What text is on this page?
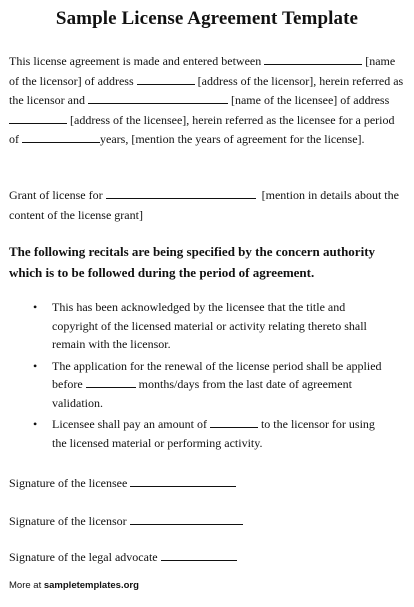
Sample License Agreement Template
This license agreement is made and entered between	[name of the licensor] of address	[address of the licensor], herein referred as the licensor and	[name of the licensee] of address  [address of the licensee], herein referred as the licensee for a period of	years, [mention the years of agreement for the license].
Grant of license for	[mention in details about the content of the license grant]
The following recitals are being specified by the concern authority which is to be followed during the period of agreement.
• This has been acknowledged by the licensee that the title and copyright of the licensed material or activity relating thereto shall remain with the licensor.
• The application for the renewal of the license period shall be applied before	months/days from the last date of agreement validation.
• Licensee shall pay an amount of	to the licensor for using the licensed material or performing activity.
Signature of the licensee
Signature of the licensor
Signature of the legal advocate
More at sampletemplates.org
